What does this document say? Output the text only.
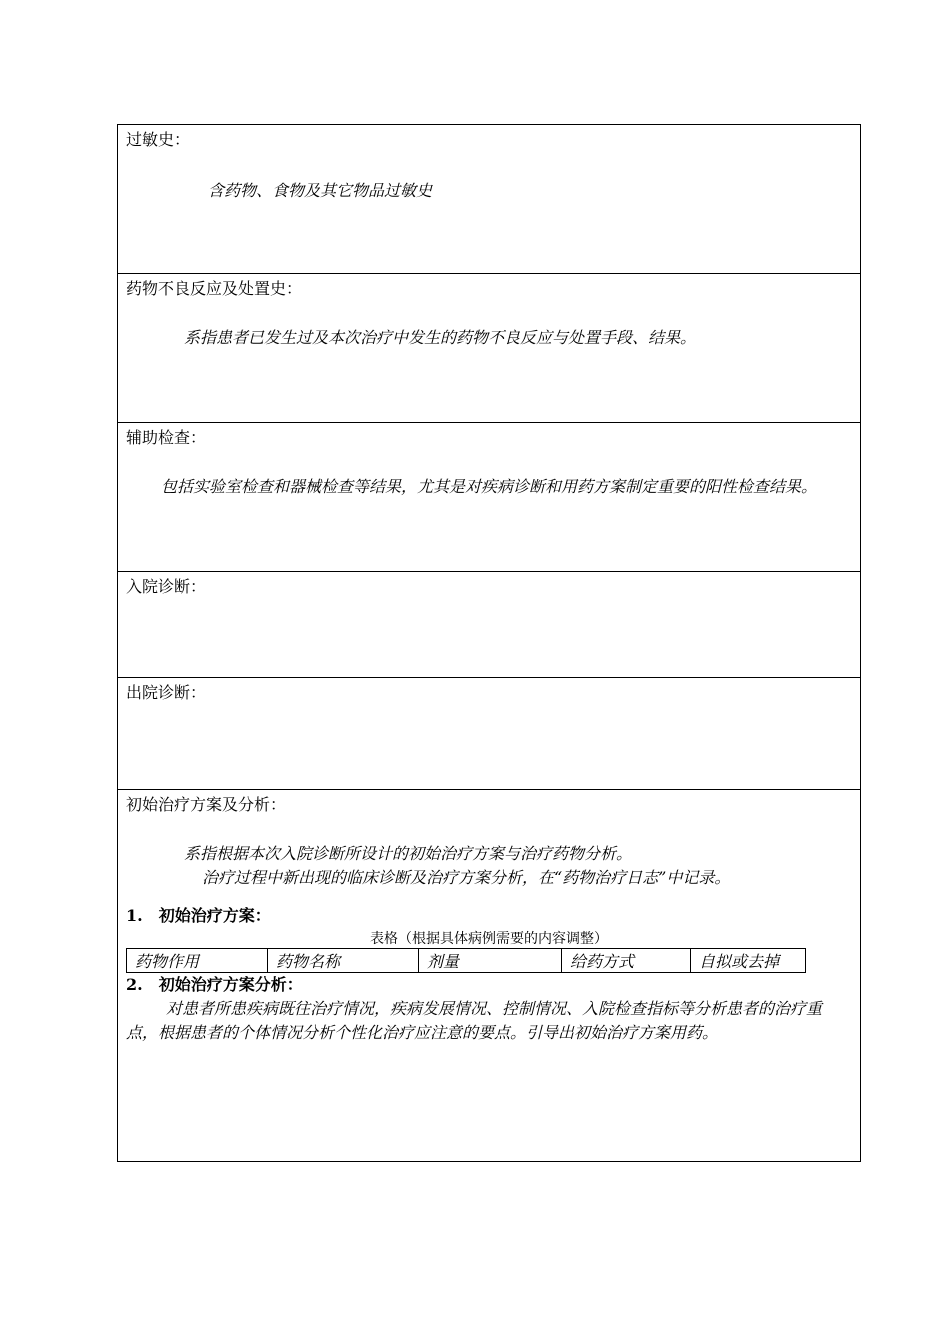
过敏史：
含药物、食物及其它物品过敏史
药物不良反应及处置史：
系指患者已发生过及本次治疗中发生的药物不良反应与处置手段、结果。
辅助检查：
包括实验室检查和器械检查等结果，尤其是对疾病诊断和用药方案制定重要的阳性检查结果。
入院诊断：
出院诊断：
初始治疗方案及分析：
系指根据本次入院诊断所设计的初始治疗方案与治疗药物分析。
治疗过程中新出现的临床诊断及治疗方案分析，在“药物治疗日志”中记录。
1.　初始治疗方案：
表格（根据具体病例需要的内容调整）
药物作用	药物名称	剂量	给药方式	自拟或去掉
2.　初始治疗方案分析：
对患者所患疾病既往治疗情况，疾病发展情况、控制情况、入院检查指标等分析患者的治疗重点，根据患者的个体情况分析个性化治疗应注意的要点。引导出初始治疗方案用药。
